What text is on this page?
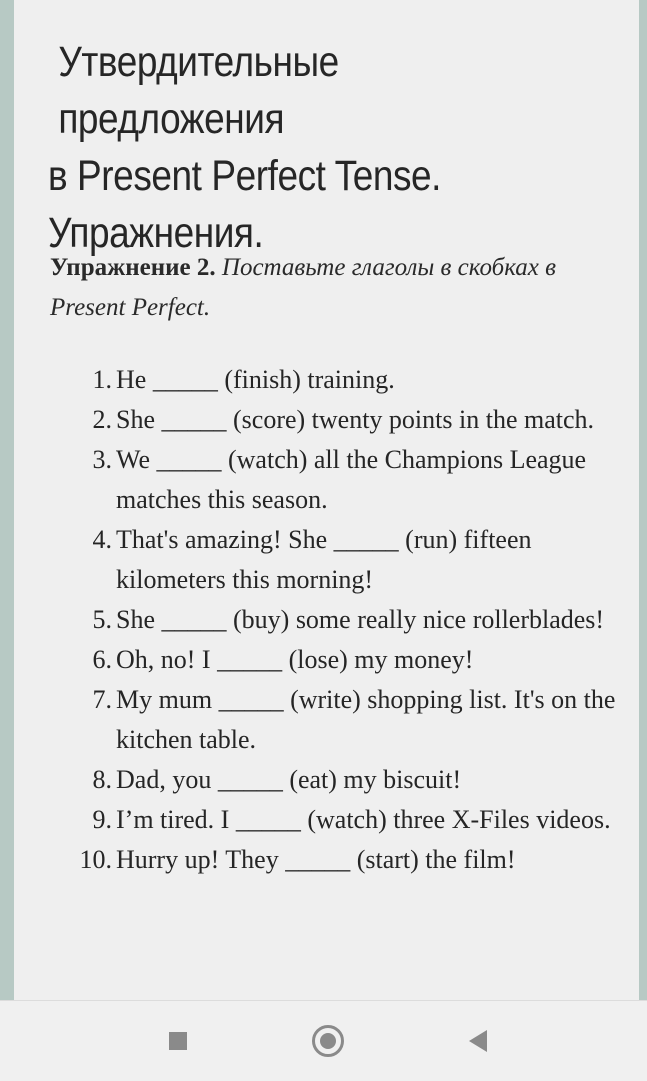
Утвердительные предложения
в Present Perfect Tense.
Упражнения.
Упражнение 2. Поставьте глаголы в скобках в Present Perfect.
1. He _____ (finish) training.
2. She _____ (score) twenty points in the match.
3. We _____ (watch) all the Champions League matches this season.
4. That's amazing! She _____ (run) fifteen kilometers this morning!
5. She _____ (buy) some really nice rollerblades!
6. Oh, no! I _____ (lose) my money!
7. My mum _____ (write) shopping list. It's on the kitchen table.
8. Dad, you _____ (eat) my biscuit!
9. I’m tired. I _____ (watch) three X-Files videos.
10. Hurry up! They _____ (start) the film!
